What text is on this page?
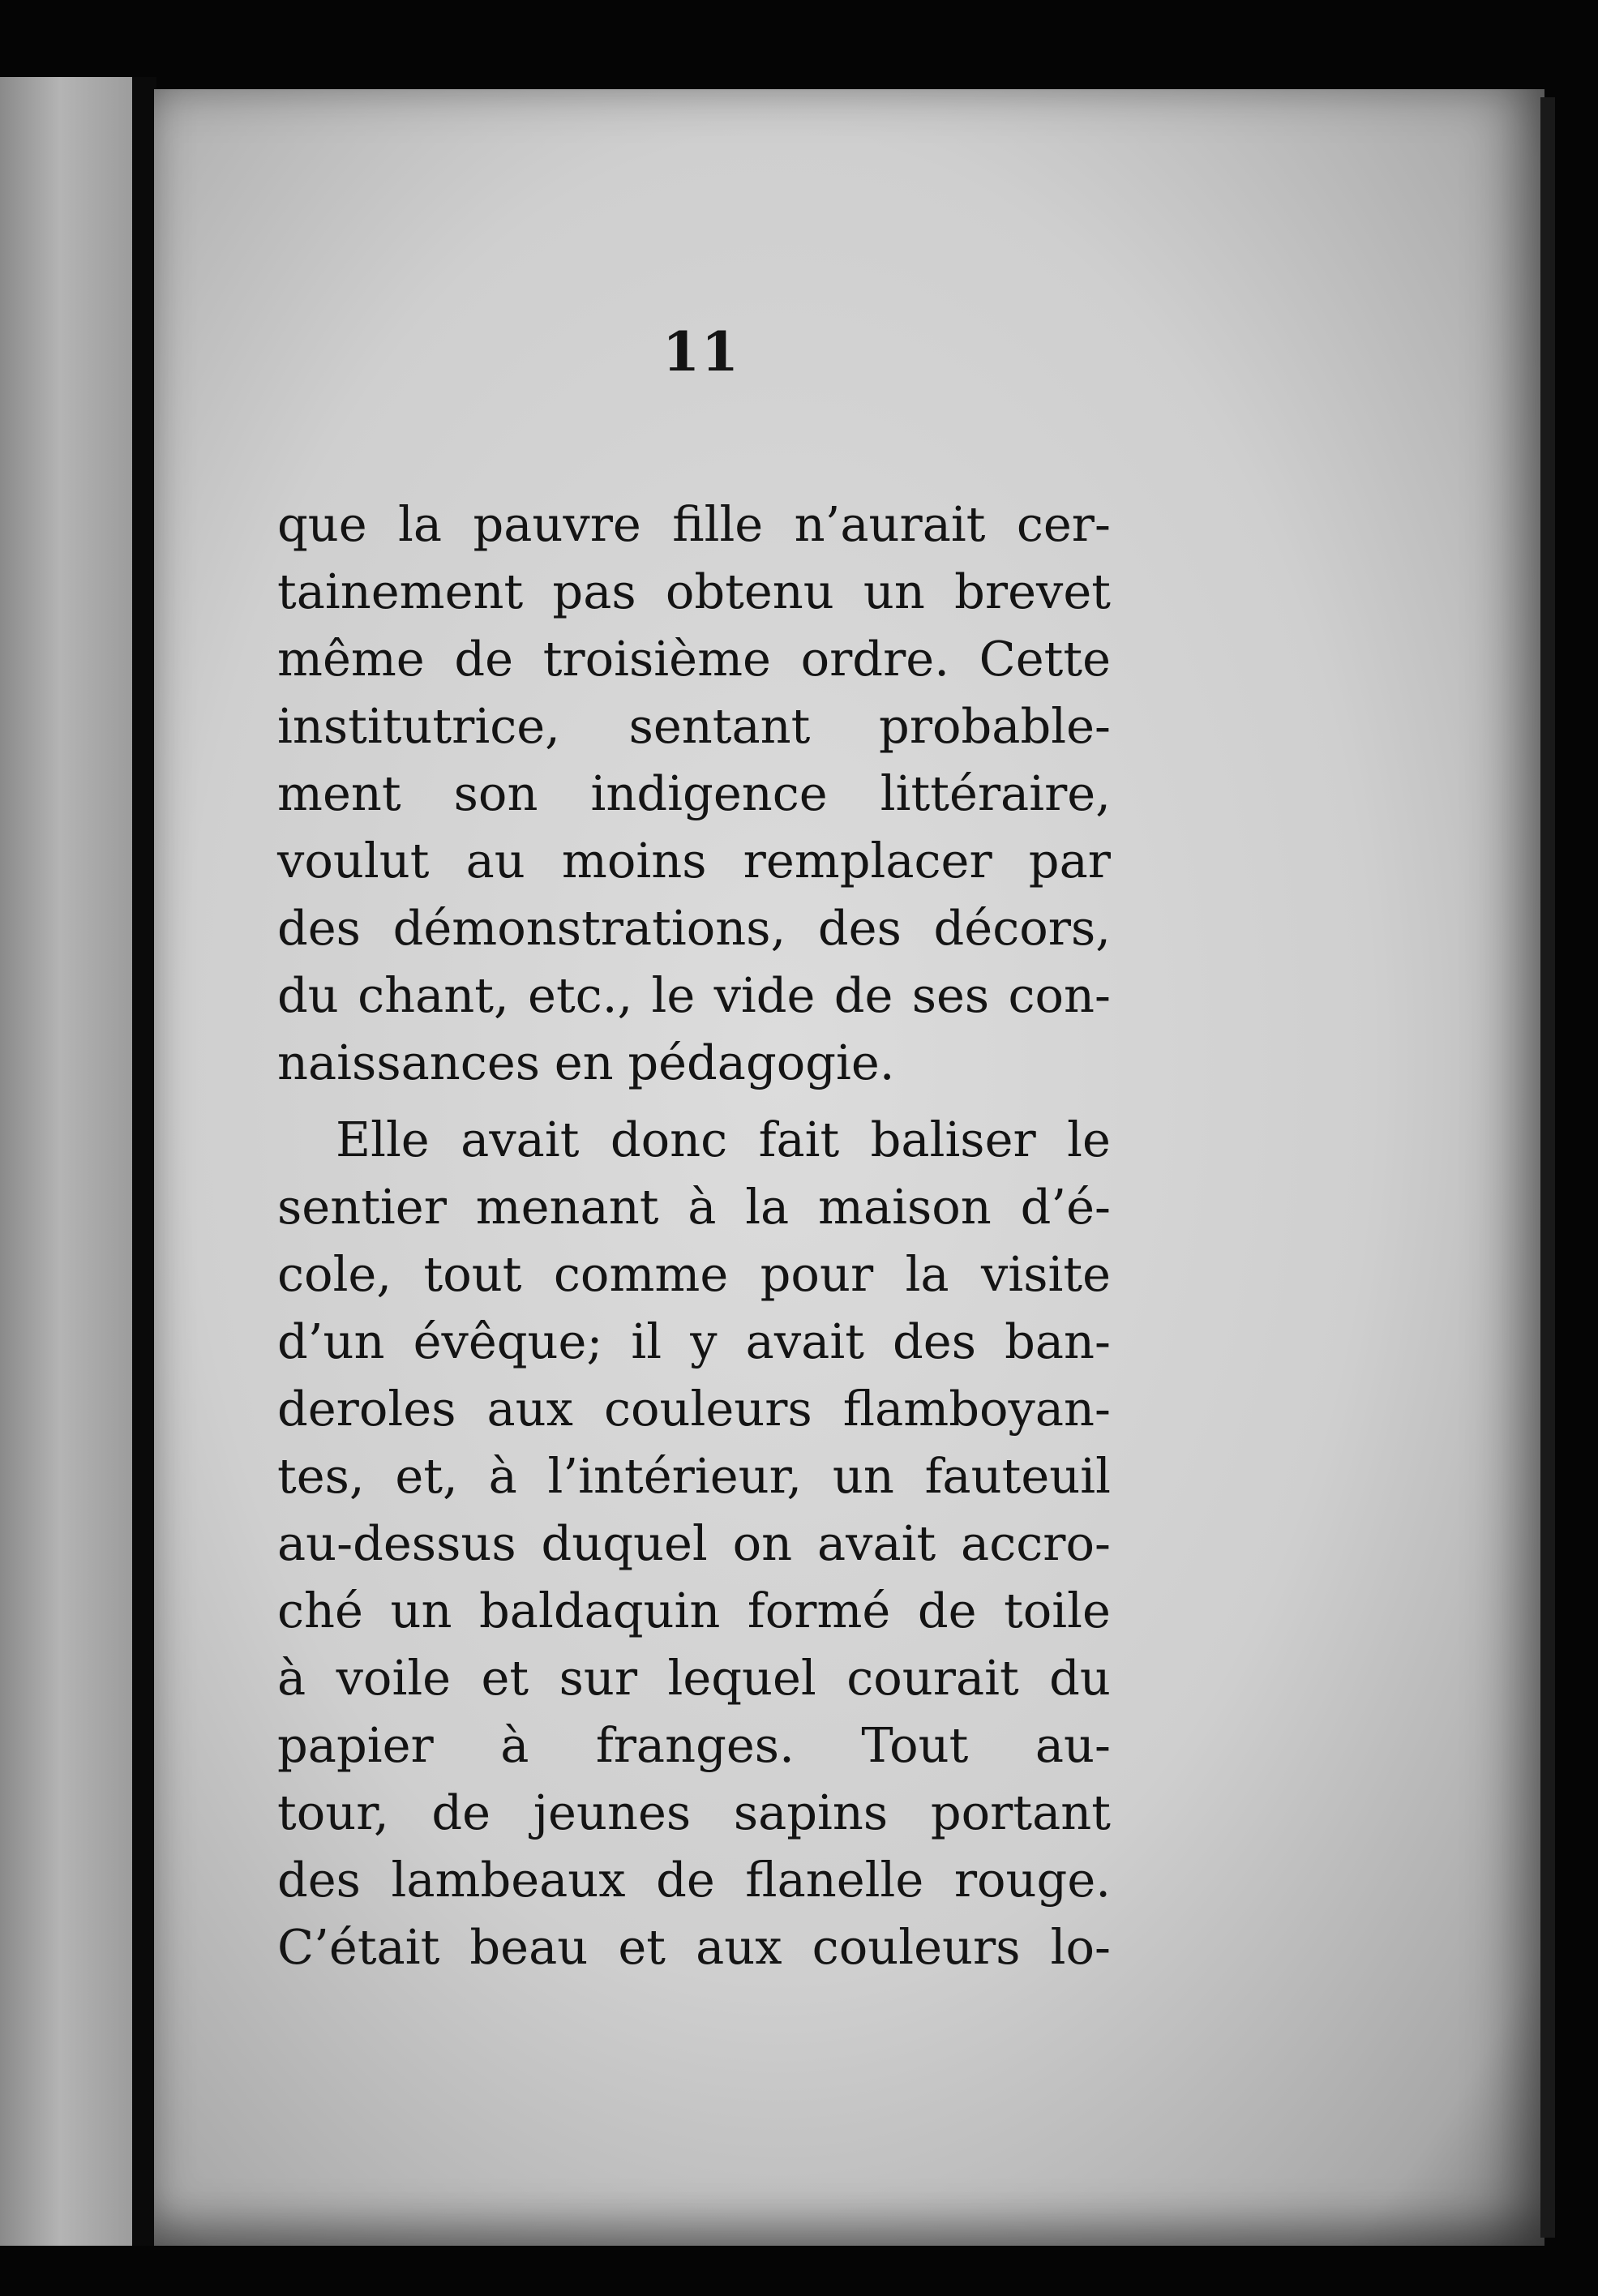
11
que la pauvre fille n’aurait cer-
tainement pas obtenu un brevet
même de troisième ordre. Cette
institutrice, sentant probable-
ment son indigence littéraire,
voulut au moins remplacer par
des démonstrations, des décors,
du chant, etc., le vide de ses con-
naissances en pédagogie.
Elle avait donc fait baliser le
sentier menant à la maison d’é-
cole, tout comme pour la visite
d’un évêque; il y avait des ban-
deroles aux couleurs flamboyan-
tes, et, à l’intérieur, un fauteuil
au-dessus duquel on avait accro-
ché un baldaquin formé de toile
à voile et sur lequel courait du
papier à franges. Tout au-
tour, de jeunes sapins portant
des lambeaux de flanelle rouge.
C’était beau et aux couleurs lo-
